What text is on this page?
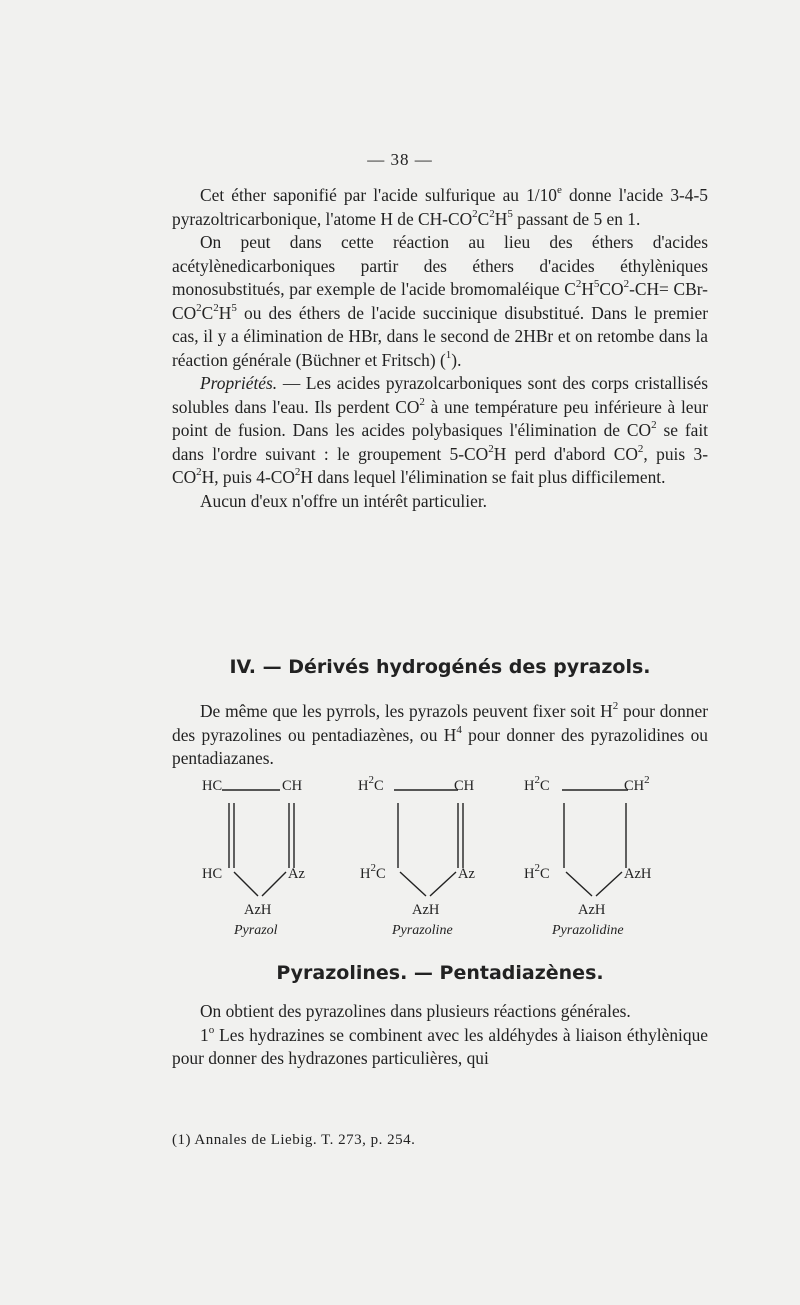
— 38 —

Cet éther saponifié par l'acide sulfurique au 1/10e donne l'acide 3-4-5 pyrazoltricarbonique, l'atome H de $CH-CO^2C^2H^5$ passant de 5 en 1.

On peut dans cette réaction au lieu des éthers d'acides acétylènedicarboniques partir des éthers d'acides éthylèniques monosubstitués, par exemple de l'acide bromomaléique $C^2H^5CO^2-CH= CBr-CO^2C^2H^5$ ou des éthers de l'acide succinique disubstitué. Dans le premier cas, il y a élimination de HBr, dans le second de 2HBr et on retombe dans la réaction générale (Büchner et Fritsch) ($^1$).

Propriétés. — Les acides pyrazolcarboniques sont des corps cristallisés solubles dans l'eau. Ils perdent $CO^2$ à une température peu inférieure à leur point de fusion. Dans les acides polybasiques l'élimination de $CO^2$ se fait dans l'ordre suivant : le groupement $5-CO^2H$ perd d'abord $CO^2$, puis $3-CO^2H$, puis $4-CO^2H$ dans lequel l'élimination se fait plus difficilement.

Aucun d'eux n'offre un intérêt particulier.

IV. — Dérivés hydrogénés des pyrazols.

De même que les pyrrols, les pyrazols peuvent fixer soit $H^2$ pour donner des pyrazolines ou pentadiazènes, ou $H^4$ pour donner des pyrazolidines ou pentadiazanes.

HC	CH
HC	Az
AzH
Pyrazol
$H^2C$	CH
$H^2C$	Az
AzH
Pyrazoline
$H^2C$	$CH^2$
$H^2C$	AzH
AzH
Pyrazolidine
Pyrazolines. — Pentadiazènes.

On obtient des pyrazolines dans plusieurs réactions générales.

1$^o$ Les hydrazines se combinent avec les aldéhydes à liaison éthylènique pour donner des hydrazones particulières, qui

(1) Annales de Liebig. T. 273, p. 254.
